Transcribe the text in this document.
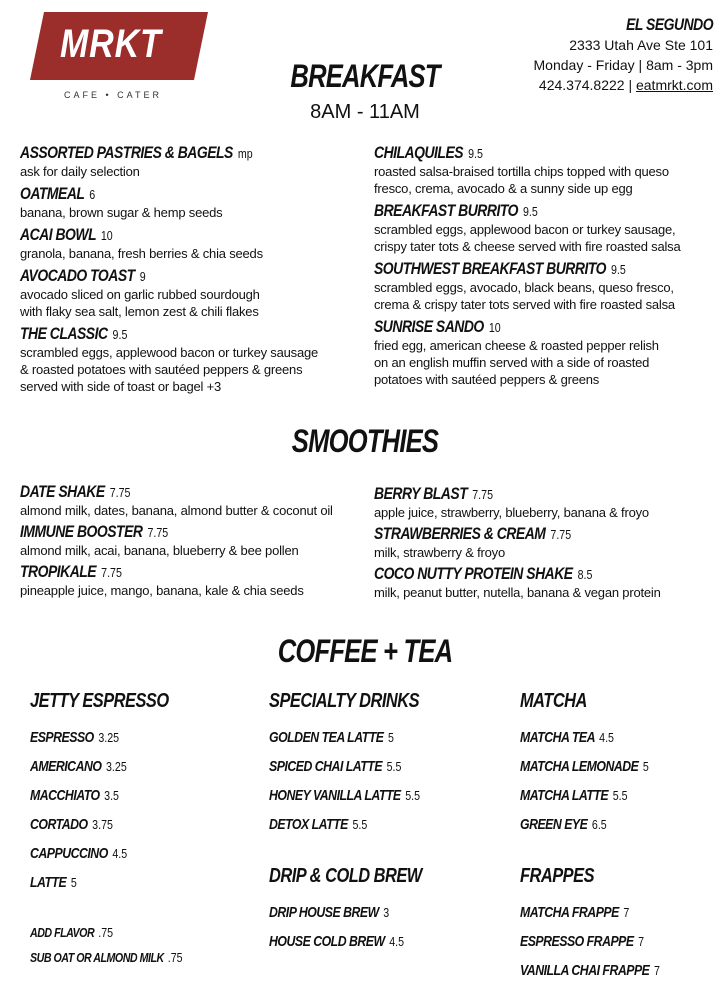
MRKT
CAFE • CATER
EL SEGUNDO
2333 Utah Ave Ste 101
Monday - Friday | 8am - 3pm
424.374.8222 | eatmrkt.com
BREAKFAST
8AM - 11AM
ASSORTED PASTRIES & BAGELS mp
ask for daily selection
OATMEAL 6
banana, brown sugar & hemp seeds
ACAI BOWL 10
granola, banana, fresh berries & chia seeds
AVOCADO TOAST 9
avocado sliced on garlic rubbed sourdough
with flaky sea salt, lemon zest & chili flakes
THE CLASSIC 9.5
scrambled eggs, applewood bacon or turkey sausage
& roasted potatoes with sautéed peppers & greens
served with side of toast or bagel +3
CHILAQUILES 9.5
roasted salsa-braised tortilla chips topped with queso
fresco, crema, avocado & a sunny side up egg
BREAKFAST BURRITO 9.5
scrambled eggs, applewood bacon or turkey sausage,
crispy tater tots & cheese served with fire roasted salsa
SOUTHWEST BREAKFAST BURRITO 9.5
scrambled eggs, avocado, black beans, queso fresco,
crema & crispy tater tots served with fire roasted salsa
SUNRISE SANDO 10
fried egg, american cheese & roasted pepper relish
on an english muffin served with a side of roasted
potatoes with sautéed peppers & greens
SMOOTHIES
DATE SHAKE 7.75
almond milk, dates, banana, almond butter & coconut oil
IMMUNE BOOSTER 7.75
almond milk, acai, banana, blueberry & bee pollen
TROPIKALE 7.75
pineapple juice, mango, banana, kale & chia seeds
BERRY BLAST 7.75
apple juice, strawberry, blueberry, banana & froyo
STRAWBERRIES & CREAM 7.75
milk, strawberry & froyo
COCO NUTTY PROTEIN SHAKE 8.5
milk, peanut butter, nutella, banana & vegan protein
COFFEE + TEA
JETTY ESPRESSO
ESPRESSO 3.25
AMERICANO 3.25
MACCHIATO 3.5
CORTADO 3.75
CAPPUCCINO 4.5
LATTE 5
ADD FLAVOR .75
SUB OAT OR ALMOND MILK .75
SPECIALTY DRINKS
GOLDEN TEA LATTE 5
SPICED CHAI LATTE 5.5
HONEY VANILLA LATTE 5.5
DETOX LATTE 5.5
DRIP & COLD BREW
DRIP HOUSE BREW 3
HOUSE COLD BREW 4.5
MATCHA
MATCHA TEA 4.5
MATCHA LEMONADE 5
MATCHA LATTE 5.5
GREEN EYE 6.5
FRAPPES
MATCHA FRAPPE 7
ESPRESSO FRAPPE 7
VANILLA CHAI FRAPPE 7
